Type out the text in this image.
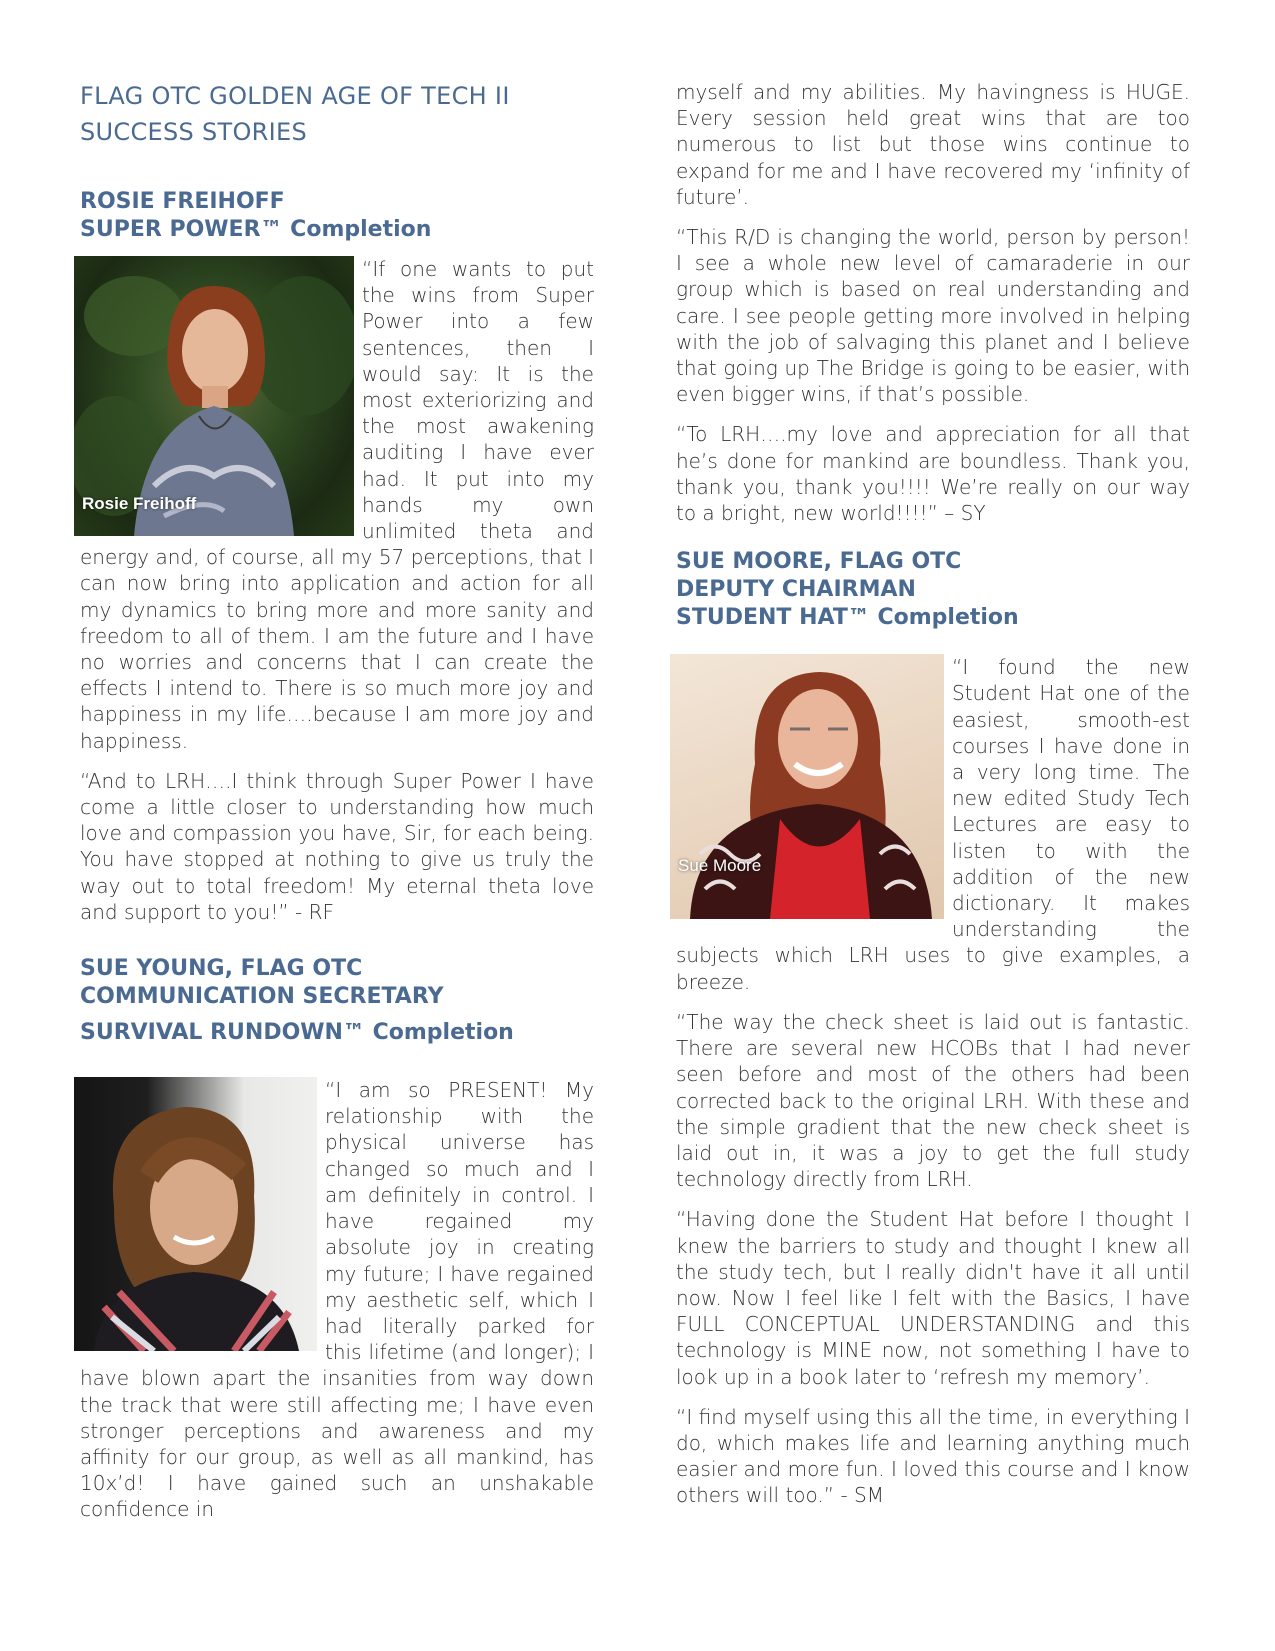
FLAG OTC GOLDEN AGE OF TECH II
SUCCESS STORIES
ROSIE FREIHOFF
SUPER POWER™ Completion
Rosie Freihoff

“If one wants to put the wins from Super Power into a few sentences, then I would say: It is the most exteriorizing and the most awakening auditing I have ever had. It put into my hands my own unlimited theta and energy and, of course, all my 57 perceptions, that I can now bring into application and action for all my dynamics to bring more and more sanity and freedom to all of them. I am the future and I have no worries and concerns that I can create the effects I intend to. There is so much more joy and happiness in my life….because I am more joy and happiness.

“And to LRH….I think through Super Power I have come a little closer to understanding how much love and compassion you have, Sir, for each being. You have stopped at nothing to give us truly the way out to total freedom! My eternal theta love and support to you!” - RF

SUE YOUNG, FLAG OTC
COMMUNICATION SECRETARY
SURVIVAL RUNDOWN™ Completion

“I am so PRESENT! My relationship with the physical universe has changed so much and I am definitely in control. I have regained my absolute joy in creating my future; I have regained my aesthetic self, which I had literally parked for this lifetime (and longer); I have blown apart the insanities from way down the track that were still affecting me; I have even stronger perceptions and awareness and my affinity for our group, as well as all mankind, has 10x’d! I have gained such an unshakable confidence in

myself and my abilities. My havingness is HUGE. Every session held great wins that are too numerous to list but those wins continue to expand for me and I have recovered my ‘infinity of future’.

“This R/D is changing the world, person by person! I see a whole new level of camaraderie in our group which is based on real understanding and care. I see people getting more involved in helping with the job of salvaging this planet and I believe that going up The Bridge is going to be easier, with even bigger wins, if that’s possible.

“To LRH….my love and appreciation for all that he’s done for mankind are boundless. Thank you, thank you, thank you!!!! We’re really on our way to a bright, new world!!!!” – SY

SUE MOORE, FLAG OTC
DEPUTY CHAIRMAN
STUDENT HAT™ Completion
Sue Moore

“I found the new Student Hat one of the easiest, smooth-est courses I have done in a very long time. The new edited Study Tech Lectures are easy to listen to with the addition of the new dictionary. It makes understanding the subjects which LRH uses to give examples, a breeze.

“The way the check sheet is laid out is fantastic. There are several new HCOBs that I had never seen before and most of the others had been corrected back to the original LRH. With these and the simple gradient that the new check sheet is laid out in, it was a joy to get the full study technology directly from LRH.

“Having done the Student Hat before I thought I knew the barriers to study and thought I knew all the study tech, but I really didn't have it all until now. Now I feel like I felt with the Basics, I have FULL CONCEPTUAL UNDERSTANDING and this technology is MINE now, not something I have to look up in a book later to ‘refresh my memory’.

“I find myself using this all the time, in everything I do, which makes life and learning anything much easier and more fun. I loved this course and I know others will too.” - SM
